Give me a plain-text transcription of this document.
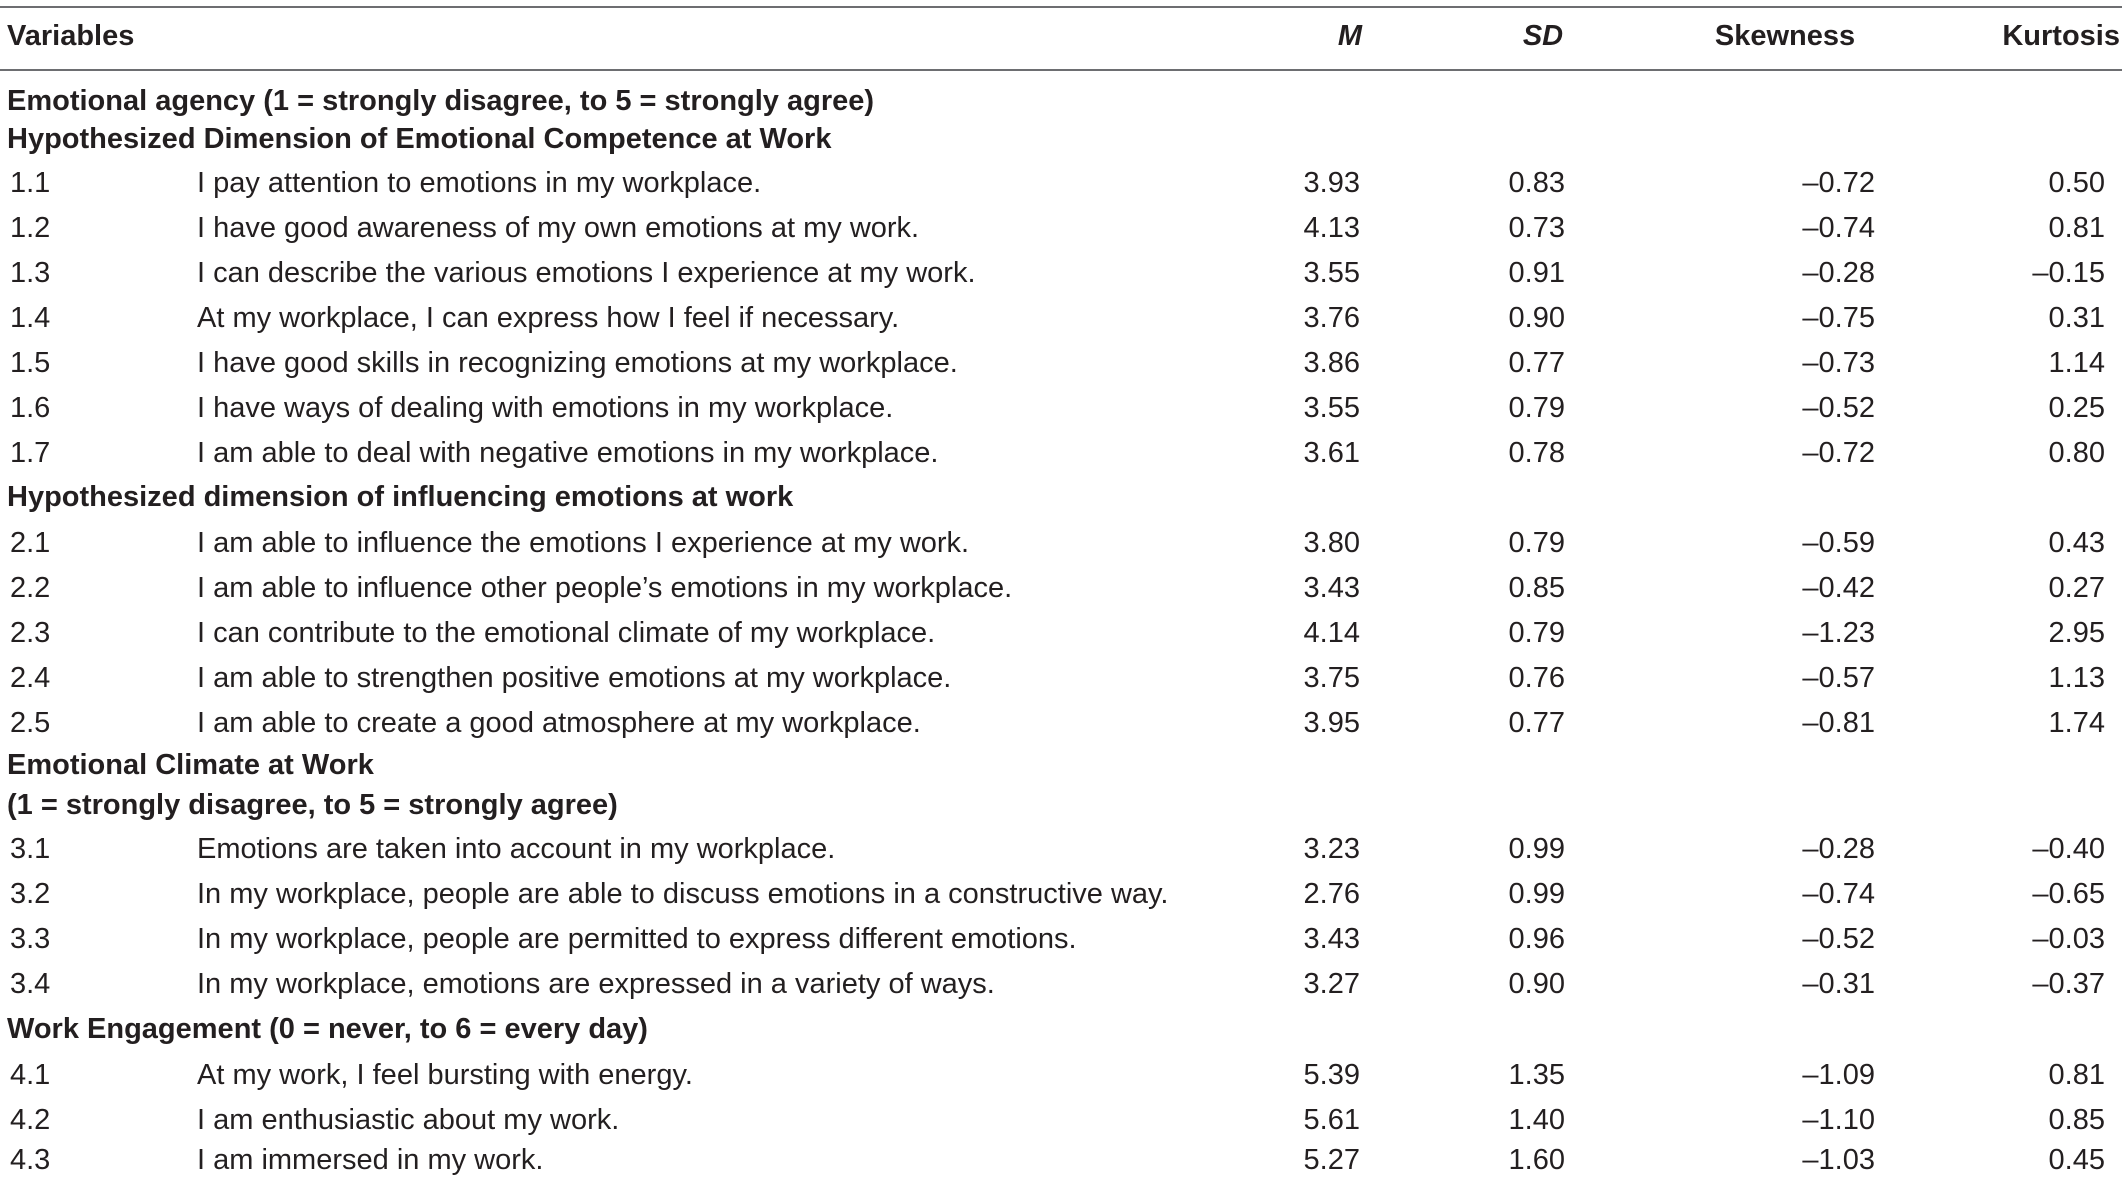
Variables	M	SD	Skewness	Kurtosis
Emotional agency (1 = strongly disagree, to 5 = strongly agree)
Hypothesized Dimension of Emotional Competence at Work
1.1	I pay attention to emotions in my workplace.	3.93	0.83	–0.72	0.50
1.2	I have good awareness of my own emotions at my work.	4.13	0.73	–0.74	0.81
1.3	I can describe the various emotions I experience at my work.	3.55	0.91	–0.28	–0.15
1.4	At my workplace, I can express how I feel if necessary.	3.76	0.90	–0.75	0.31
1.5	I have good skills in recognizing emotions at my workplace.	3.86	0.77	–0.73	1.14
1.6	I have ways of dealing with emotions in my workplace.	3.55	0.79	–0.52	0.25
1.7	I am able to deal with negative emotions in my workplace.	3.61	0.78	–0.72	0.80
Hypothesized dimension of influencing emotions at work
2.1	I am able to influence the emotions I experience at my work.	3.80	0.79	–0.59	0.43
2.2	I am able to influence other people’s emotions in my workplace.	3.43	0.85	–0.42	0.27
2.3	I can contribute to the emotional climate of my workplace.	4.14	0.79	–1.23	2.95
2.4	I am able to strengthen positive emotions at my workplace.	3.75	0.76	–0.57	1.13
2.5	I am able to create a good atmosphere at my workplace.	3.95	0.77	–0.81	1.74
Emotional Climate at Work
(1 = strongly disagree, to 5 = strongly agree)
3.1	Emotions are taken into account in my workplace.	3.23	0.99	–0.28	–0.40
3.2	In my workplace, people are able to discuss emotions in a constructive way.	2.76	0.99	–0.74	–0.65
3.3	In my workplace, people are permitted to express different emotions.	3.43	0.96	–0.52	–0.03
3.4	In my workplace, emotions are expressed in a variety of ways.	3.27	0.90	–0.31	–0.37
Work Engagement (0 = never, to 6 = every day)
4.1	At my work, I feel bursting with energy.	5.39	1.35	–1.09	0.81
4.2	I am enthusiastic about my work.	5.61	1.40	–1.10	0.85
4.3	I am immersed in my work.	5.27	1.60	–1.03	0.45
